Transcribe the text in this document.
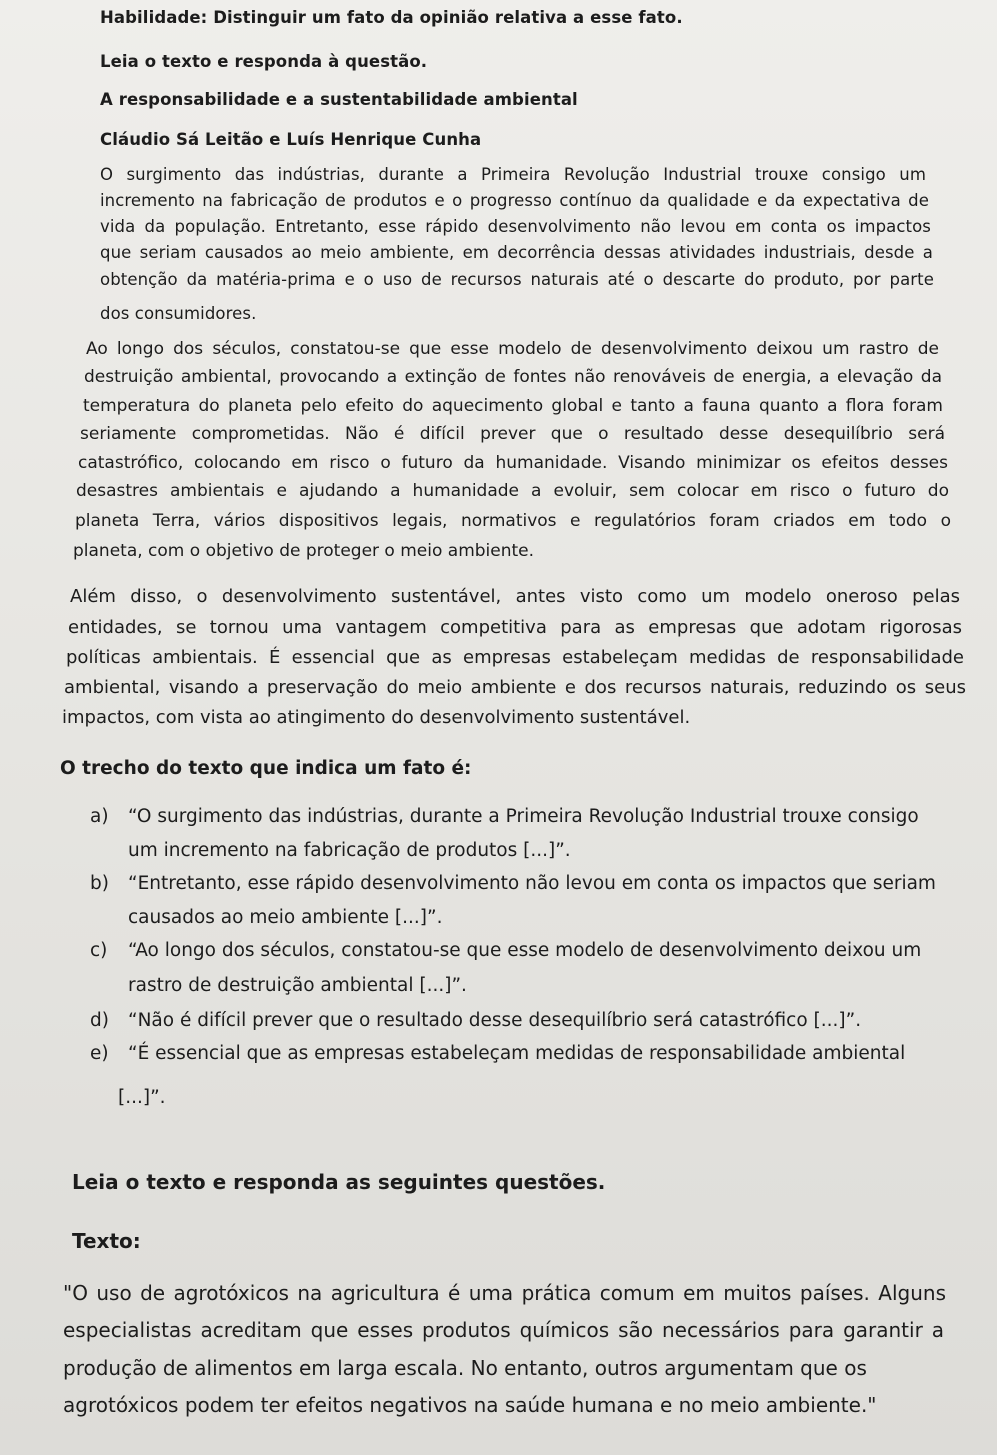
Habilidade: Distinguir um fato da opinião relativa a esse fato.
Leia o texto e responda à questão.
A responsabilidade e a sustentabilidade ambiental
Cláudio Sá Leitão e Luís Henrique Cunha
O surgimento das indústrias, durante a Primeira Revolução Industrial trouxe consigo um
incremento na fabricação de produtos e o progresso contínuo da qualidade e da expectativa de
vida da população. Entretanto, esse rápido desenvolvimento não levou em conta os impactos
que seriam causados ao meio ambiente, em decorrência dessas atividades industriais, desde a
obtenção da matéria-prima e o uso de recursos naturais até o descarte do produto, por parte
dos consumidores.
Ao longo dos séculos, constatou-se que esse modelo de desenvolvimento deixou um rastro de
destruição ambiental, provocando a extinção de fontes não renováveis de energia, a elevação da
temperatura do planeta pelo efeito do aquecimento global e tanto a fauna quanto a flora foram
seriamente comprometidas. Não é difícil prever que o resultado desse desequilíbrio será
catastrófico, colocando em risco o futuro da humanidade. Visando minimizar os efeitos desses
desastres ambientais e ajudando a humanidade a evoluir, sem colocar em risco o futuro do
planeta Terra, vários dispositivos legais, normativos e regulatórios foram criados em todo o
planeta, com o objetivo de proteger o meio ambiente.
Além disso, o desenvolvimento sustentável, antes visto como um modelo oneroso pelas
entidades, se tornou uma vantagem competitiva para as empresas que adotam rigorosas
políticas ambientais. É essencial que as empresas estabeleçam medidas de responsabilidade
ambiental, visando a preservação do meio ambiente e dos recursos naturais, reduzindo os seus
impactos, com vista ao atingimento do desenvolvimento sustentável.
O trecho do texto que indica um fato é:
a) “O surgimento das indústrias, durante a Primeira Revolução Industrial trouxe consigo
um incremento na fabricação de produtos [...]”.
b) “Entretanto, esse rápido desenvolvimento não levou em conta os impactos que seriam
causados ao meio ambiente [...]”.
c) “Ao longo dos séculos, constatou-se que esse modelo de desenvolvimento deixou um
rastro de destruição ambiental [...]”.
d) “Não é difícil prever que o resultado desse desequilíbrio será catastrófico [...]”.
e) “É essencial que as empresas estabeleçam medidas de responsabilidade ambiental
[...]”.
Leia o texto e responda as seguintes questões.
Texto:
"O uso de agrotóxicos na agricultura é uma prática comum em muitos países. Alguns
especialistas acreditam que esses produtos químicos são necessários para garantir a
produção de alimentos em larga escala. No entanto, outros argumentam que os
agrotóxicos podem ter efeitos negativos na saúde humana e no meio ambiente."
